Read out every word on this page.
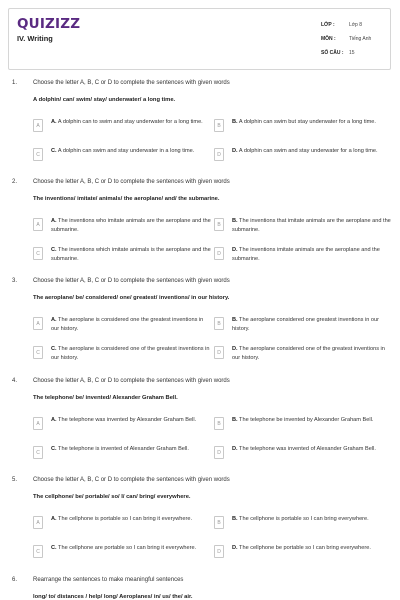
QUIZIZZ
IV. Writing
LỚP :	Lớp 8
MÔN :	Tiếng Anh
SỐ CÂU :	15
1.	Choose the letter A, B, C or D to complete the sentences with given words
A dolphin/ can/ swim/ stay/ underwater/ a long time.
A
A. A dolphin can to swim and stay underwater for a long time.
B
B. A dolphin can swim but stay underwater for a long time.
C
C. A dolphin can swim and stay underwater in a long time.
D
D. A dolphin can swim and stay underwater for a long time.
2.	Choose the letter A, B, C or D to complete the sentences with given words
The inventions/ imitate/ animals/ the aeroplane/ and/ the submarine.
A
A. The inventions who imitate animals are the aeroplane and the submarine.
B
B. The inventions that imitate animals are the aeroplane and the submarine.
C
C. The inventions which imitate animals is the aeroplane and the submarine.
D
D. The inventions imitate animals are the aeroplane and the submarine.
3.	Choose the letter A, B, C or D to complete the sentences with given words
The aeroplane/ be/ considered/ one/ greatest/ inventions/ in our history.
A
A. The aeroplane is considered one the greatest inventions in our history.
B
B. The aeroplane considered one greatest inventions in our history.
C
C. The aeroplane is considered one of the greatest inventions in our history.
D
D. The aeroplane considered one of the greatest inventions in our history.
4.	Choose the letter A, B, C or D to complete the sentences with given words
The telephone/ be/ invented/ Alexander Graham Bell.
A
A. The telephone was invented by Alexander Graham Bell.
B
B. The telephone be invented by Alexander Graham Bell.
C
C. The telephone is invented of Alexander Graham Bell.
D
D. The telephone was invented of Alexander Graham Bell.
5.	Choose the letter A, B, C or D to complete the sentences with given words
The cellphone/ be/ portable/ so/ I/ can/ bring/ everywhere.
A
A. The cellphone is portable so I can bring it everywhere.
B
B. The cellphone is portable so I can bring everywhere.
C
C. The cellphone are portable so I can bring it everywhere.
D
D. The cellphone be portable so I can bring everywhere.
6.	Rearrange the sentences to make meaningful sentences
long/ to/ distances / help/ long/ Aeroplanes/ in/ us/ the/ air.
